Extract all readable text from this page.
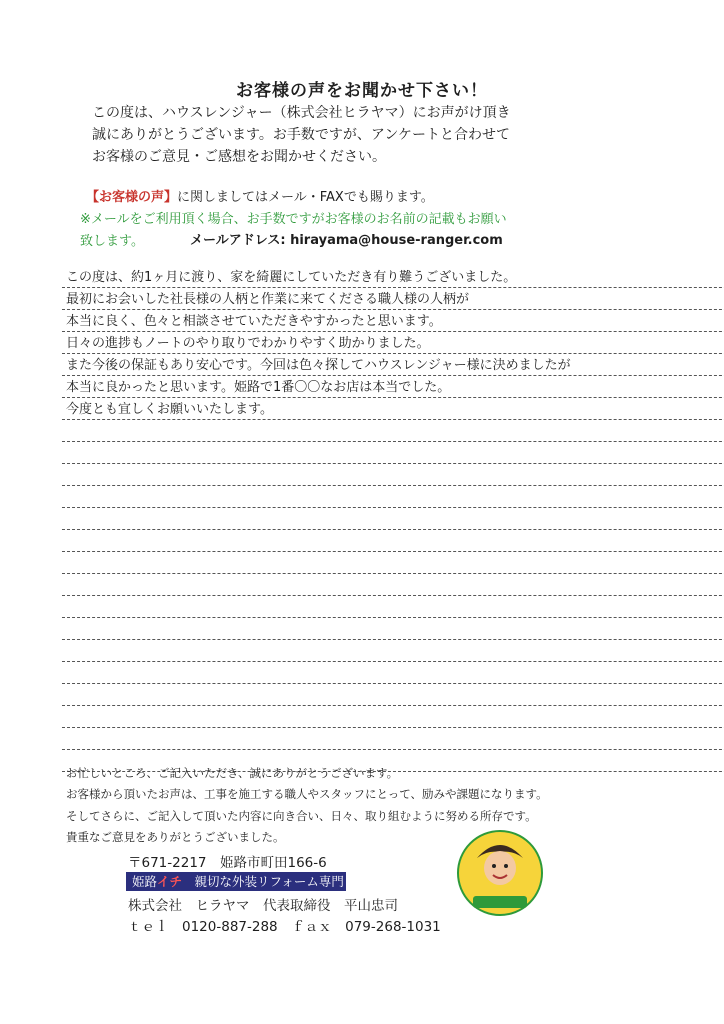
お客様の声をお聞かせ下さい！
この度は、ハウスレンジャー（株式会社ヒラヤマ）にお声がけ頂き
誠にありがとうございます。お手数ですが、アンケートと合わせて
お客様のご意見・ご感想をお聞かせください。
【お客様の声】に関しましてはメール・FAXでも賜ります。
※メールをご利用頂く場合、お手数ですがお客様のお名前の記載もお願い
致します。	メールアドレス: hirayama@house-ranger.com
この度は、約1ヶ月に渡り、家を綺麗にしていただき有り難うございました。
最初にお会いした社長様の人柄と作業に来てくださる職人様の人柄が
本当に良く、色々と相談させていただきやすかったと思います。
日々の進捗もノートのやり取りでわかりやすく助かりました。
また今後の保証もあり安心です。今回は色々探してハウスレンジャー様に決めましたが
本当に良かったと思います。姫路で1番〇〇なお店は本当でした。
今度とも宜しくお願いいたします。
お忙しいところ、ご記入いただき、誠にありがとうございます。
お客様から頂いたお声は、工事を施工する職人やスタッフにとって、励みや課題になります。
そしてさらに、ご記入して頂いた内容に向き合い、日々、取り組むように努める所存です。
貴重なご意見をありがとうございました。
〒671-2217　姫路市町田166-6
姫路イチ　親切な外装リフォーム専門
株式会社　ヒラヤマ　代表取締役　平山忠司
ｔｅｌ　0120-887-288　ｆａｘ　079-268-1031
